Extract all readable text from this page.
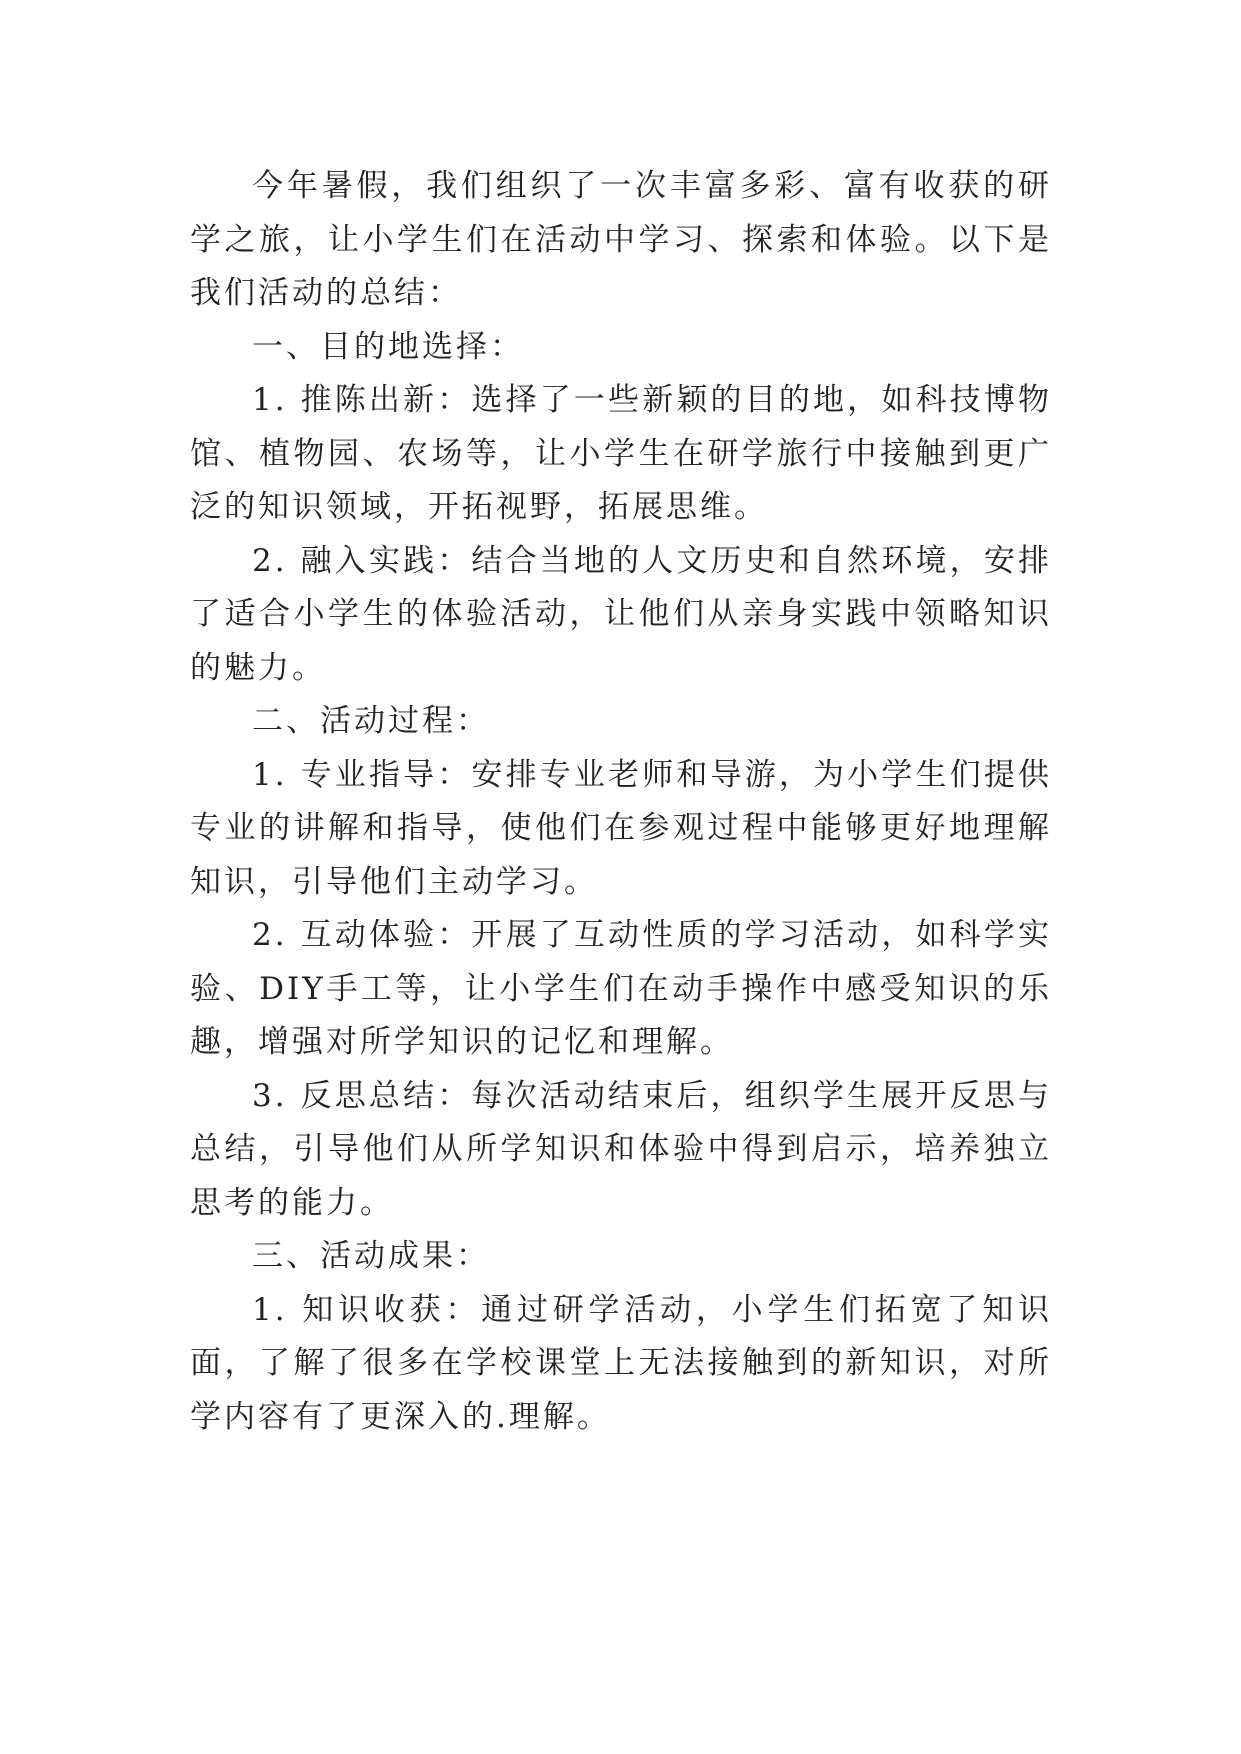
今年暑假，我们组织了一次丰富多彩、富有收获的研学之旅，让小学生们在活动中学习、探索和体验。以下是我们活动的总结：

一、目的地选择：

1. 推陈出新：选择了一些新颖的目的地，如科技博物馆、植物园、农场等，让小学生在研学旅行中接触到更广泛的知识领域，开拓视野，拓展思维。

2. 融入实践：结合当地的人文历史和自然环境，安排了适合小学生的体验活动，让他们从亲身实践中领略知识的魅力。

二、活动过程：

1. 专业指导：安排专业老师和导游，为小学生们提供专业的讲解和指导，使他们在参观过程中能够更好地理解知识，引导他们主动学习。

2. 互动体验：开展了互动性质的学习活动，如科学实验、DIY手工等，让小学生们在动手操作中感受知识的乐趣，增强对所学知识的记忆和理解。

3. 反思总结：每次活动结束后，组织学生展开反思与总结，引导他们从所学知识和体验中得到启示，培养独立思考的能力。

三、活动成果：

1. 知识收获：通过研学活动，小学生们拓宽了知识面，了解了很多在学校课堂上无法接触到的新知识，对所学内容有了更深入的.理解。
